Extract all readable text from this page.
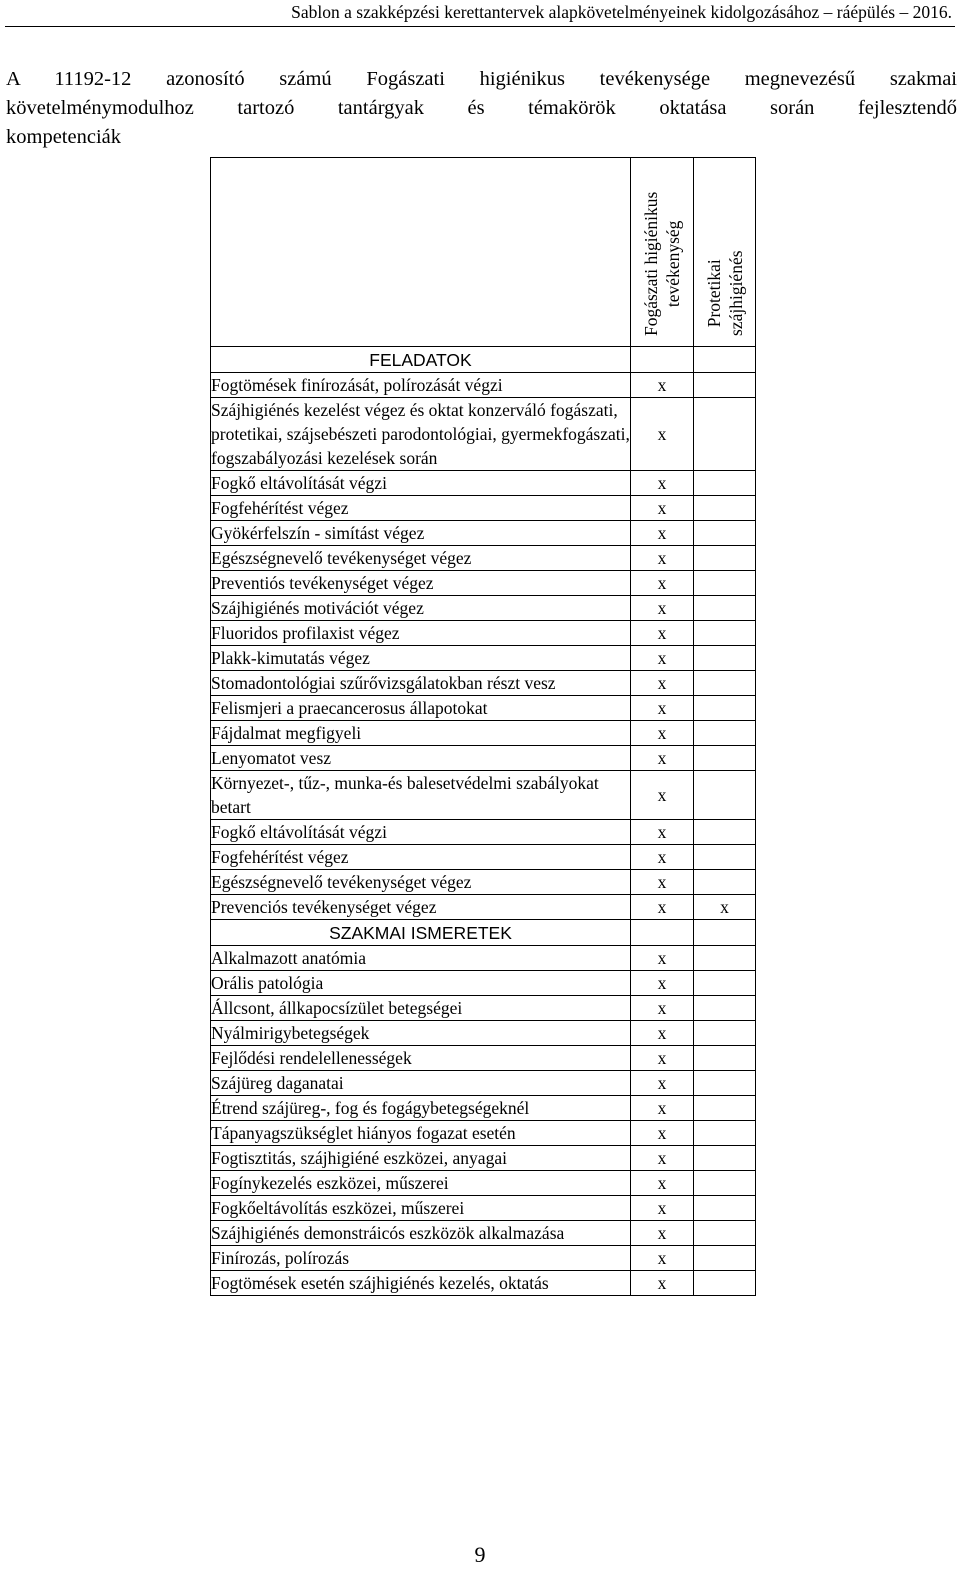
Sablon a szakképzési kerettantervek alapkövetelményeinek kidolgozásához – ráépülés – 2016.
A 11192-12 azonosító számú Fogászati higiénikus tevékenysége megnevezésű szakmai
követelménymodulhoz tartozó tantárgyak és témakörök oktatása során fejlesztendő
kompetenciák

	Fogászati higiénikus tevékenység	Protetikai szájhigiénés

FELADATOK		
Fogtömések finírozását, polírozását végzi	x	
Szájhigiénés kezelést végez és oktat konzerváló fogászati, protetikai, szájsebészeti parodontológiai, gyermekfogászati, fogszabályozási kezelések során	x	
Fogkő eltávolítását végzi	x	
Fogfehérítést végez	x	
Gyökérfelszín - simítást végez	x	
Egészségnevelő tevékenységet végez	x	
Preventiós tevékenységet végez	x	
Szájhigiénés motivációt végez	x	
Fluoridos profilaxist végez	x	
Plakk-kimutatás végez	x	
Stomadontológiai szűrővizsgálatokban részt vesz	x	
Felismjeri a praecancerosus állapotokat	x	
Fájdalmat megfigyeli	x	
Lenyomatot vesz	x	
Környezet-, tűz-, munka-és balesetvédelmi szabályokat betart	x	
Fogkő eltávolítását végzi	x	
Fogfehérítést végez	x	
Egészségnevelő tevékenységet végez	x	
Prevenciós tevékenységet végez	x	x
SZAKMAI ISMERETEK		
Alkalmazott anatómia	x	
Orális patológia	x	
Állcsont, állkapocsízület betegségei	x	
Nyálmirigybetegségek	x	
Fejlődési rendelellenességek	x	
Szájüreg daganatai	x	
Étrend szájüreg-, fog és fogágybetegségeknél	x	
Tápanyagszükséglet hiányos fogazat esetén	x	
Fogtisztitás, szájhigiéné eszközei, anyagai	x	
Fogínykezelés eszközei, műszerei	x	
Fogkőeltávolítás eszközei, műszerei	x	
Szájhigiénés demonstráicós eszközök alkalmazása	x	
Finírozás, polírozás	x	
Fogtömések esetén szájhigiénés kezelés, oktatás	x	
9
